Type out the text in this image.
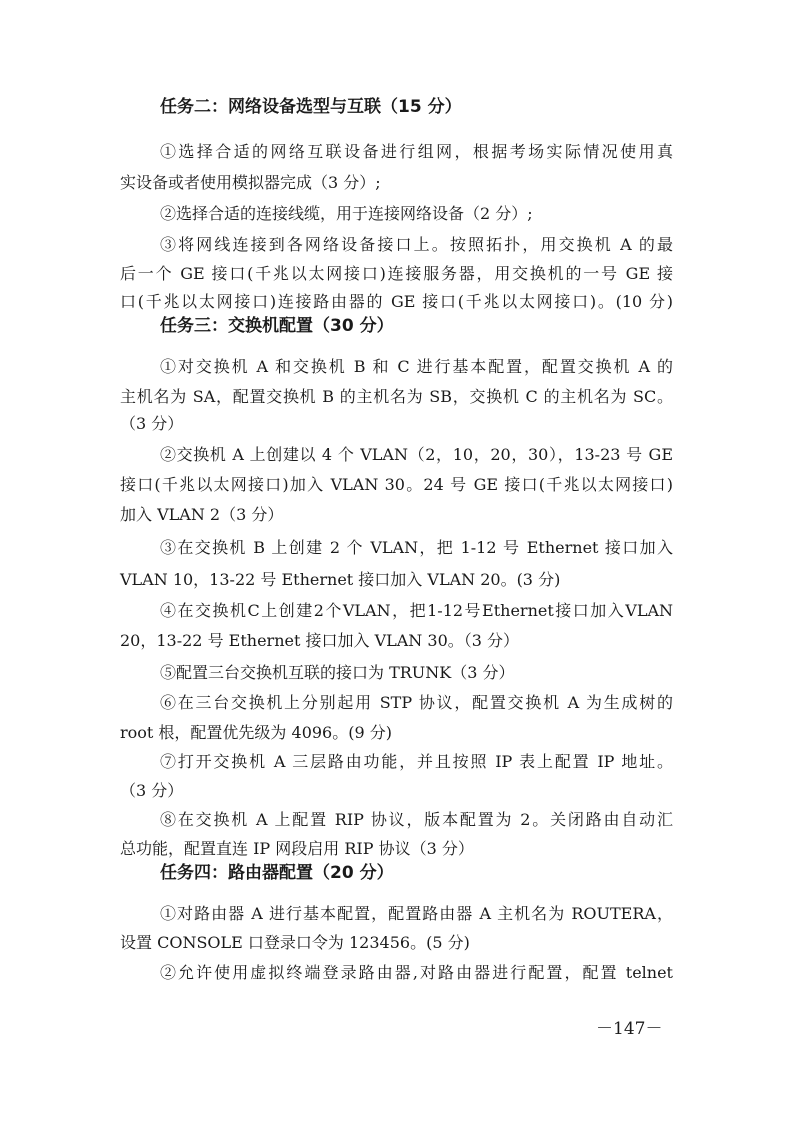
任务二：网络设备选型与互联（15 分）
①选择合适的网络互联设备进行组网，根据考场实际情况使用真
实设备或者使用模拟器完成（3 分）;
②选择合适的连接线缆，用于连接网络设备（2 分）;
③将网线连接到各网络设备接口上。按照拓扑，用交换机 A 的最
后一个 GE 接口(千兆以太网接口)连接服务器，用交换机的一号 GE 接
口(千兆以太网接口)连接路由器的 GE 接口(千兆以太网接口)。(10 分)
任务三：交换机配置（30 分）
①对交换机 A 和交换机 B 和 C 进行基本配置，配置交换机 A 的
主机名为 SA，配置交换机 B 的主机名为 SB，交换机 C 的主机名为 SC。
（3 分）
②交换机 A 上创建以 4 个 VLAN（2，10，20，30），13-23 号 GE
接口(千兆以太网接口)加入 VLAN 30。24 号 GE 接口(千兆以太网接口)
加入 VLAN 2（3 分）
③在交换机 B 上创建 2 个 VLAN，把 1-12 号 Ethernet 接口加入
VLAN 10，13-22 号 Ethernet 接口加入 VLAN 20。(3 分)
④在交换机C上创建2个VLAN，把1-12号Ethernet接口加入VLAN
20，13-22 号 Ethernet 接口加入 VLAN 30。（3 分）
⑤配置三台交换机互联的接口为 TRUNK（3 分）
⑥在三台交换机上分别起用 STP 协议，配置交换机 A 为生成树的
root 根，配置优先级为 4096。(9 分)
⑦打开交换机 A 三层路由功能，并且按照 IP 表上配置 IP 地址。
（3 分）
⑧在交换机 A 上配置 RIP 协议，版本配置为 2。关闭路由自动汇
总功能，配置直连 IP 网段启用 RIP 协议（3 分）
任务四：路由器配置（20 分）
①对路由器 A 进行基本配置，配置路由器 A 主机名为 ROUTERA，
设置 CONSOLE 口登录口令为 123456。(5 分)
②允许使用虚拟终端登录路由器,对路由器进行配置，配置 telnet
－147－
